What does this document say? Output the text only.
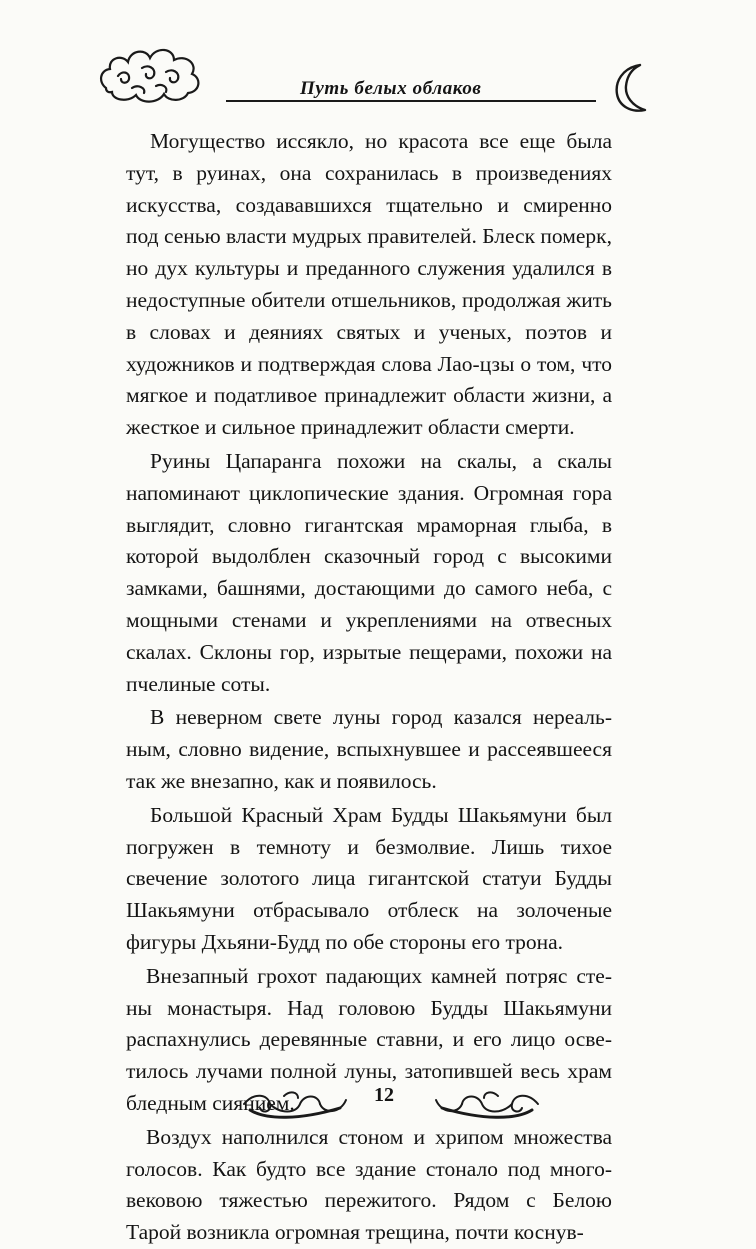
Путь белых облаков

Могущество иссякло, но красота все еще была тут, в руинах, она сохранилась в произведениях искусства, создававшихся тщательно и смиренно под сенью власти мудрых правителей. Блеск померк, но дух культуры и преданного служения удалился в недоступные обители отшельников, продолжая жить в словах и деяниях святых и ученых, поэтов и художников и подтверждая слова Лао-цзы о том, что мягкое и податливое принадлежит области жизни, а жесткое и сильное принадлежит области смерти.

Руины Цапаранга похожи на скалы, а скалы напоминают циклопические здания. Огромная гора выглядит, словно гигантская мраморная глыба, в которой выдолблен сказочный город с высокими замками, башнями, достающими до самого неба, с мощными стенами и укреплениями на отвесных скалах. Склоны гор, изрытые пещерами, похожи на пчелиные соты.

В неверном свете луны город казался нереальным, словно видение, вспыхнувшее и рассеявшееся так же внезапно, как и появилось.

Большой Красный Храм Будды Шакьямуни был погружен в темноту и безмолвие. Лишь тихое свечение золотого лица гигантской статуи Будды Шакьямуни отбрасывало отблеск на золоченые фигуры Дхьяни-Будд по обе стороны его трона.

Внезапный грохот падающих камней потряс стены монастыря. Над головою Будды Шакьямуни распахнулись деревянные ставни, и его лицо осветилось лучами полной луны, затопившей весь храм бледным сиянием.

Воздух наполнился стоном и хрипом множества голосов. Как будто все здание стонало под многовековою тяжестью пережитого. Рядом с Белою Тарой возникла огромная трещина, почти коснув-

12
